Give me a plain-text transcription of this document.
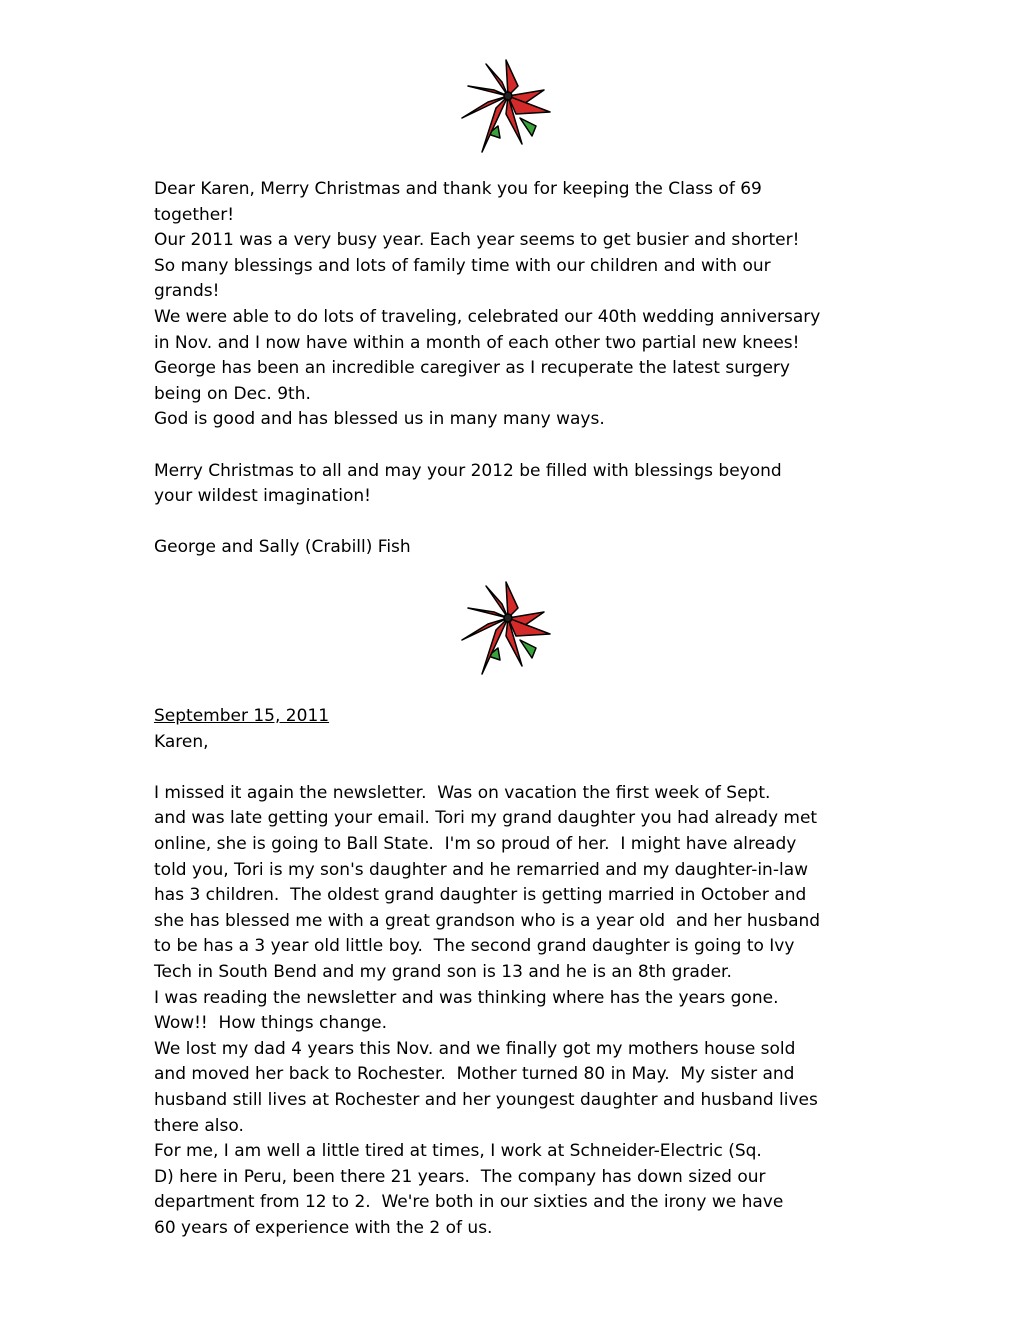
Dear Karen, Merry Christmas and thank you for keeping the Class of 69

together!

Our 2011 was a very busy year. Each year seems to get busier and shorter!

So many blessings and lots of family time with our children and with our

grands!

We were able to do lots of traveling, celebrated our 40th wedding anniversary

in Nov. and I now have within a month of each other two partial new knees!

George has been an incredible caregiver as I recuperate the latest surgery

being on Dec. 9th.

God is good and has blessed us in many many ways.

Merry Christmas to all and may your 2012 be filled with blessings beyond

your wildest imagination!

George and Sally (Crabill) Fish

September 15, 2011

Karen,

I missed it again the newsletter.  Was on vacation the first week of Sept.

and was late getting your email. Tori my grand daughter you had already met

online, she is going to Ball State.  I'm so proud of her.  I might have already

told you, Tori is my son's daughter and he remarried and my daughter-in-law

has 3 children.  The oldest grand daughter is getting married in October and

she has blessed me with a great grandson who is a year old  and her husband

to be has a 3 year old little boy.  The second grand daughter is going to Ivy

Tech in South Bend and my grand son is 13 and he is an 8th grader.

I was reading the newsletter and was thinking where has the years gone.

Wow!!  How things change.

We lost my dad 4 years this Nov. and we finally got my mothers house sold

and moved her back to Rochester.  Mother turned 80 in May.  My sister and

husband still lives at Rochester and her youngest daughter and husband lives

there also.

For me, I am well a little tired at times, I work at Schneider-Electric (Sq.

D) here in Peru, been there 21 years.  The company has down sized our

department from 12 to 2.  We're both in our sixties and the irony we have

60 years of experience with the 2 of us.
